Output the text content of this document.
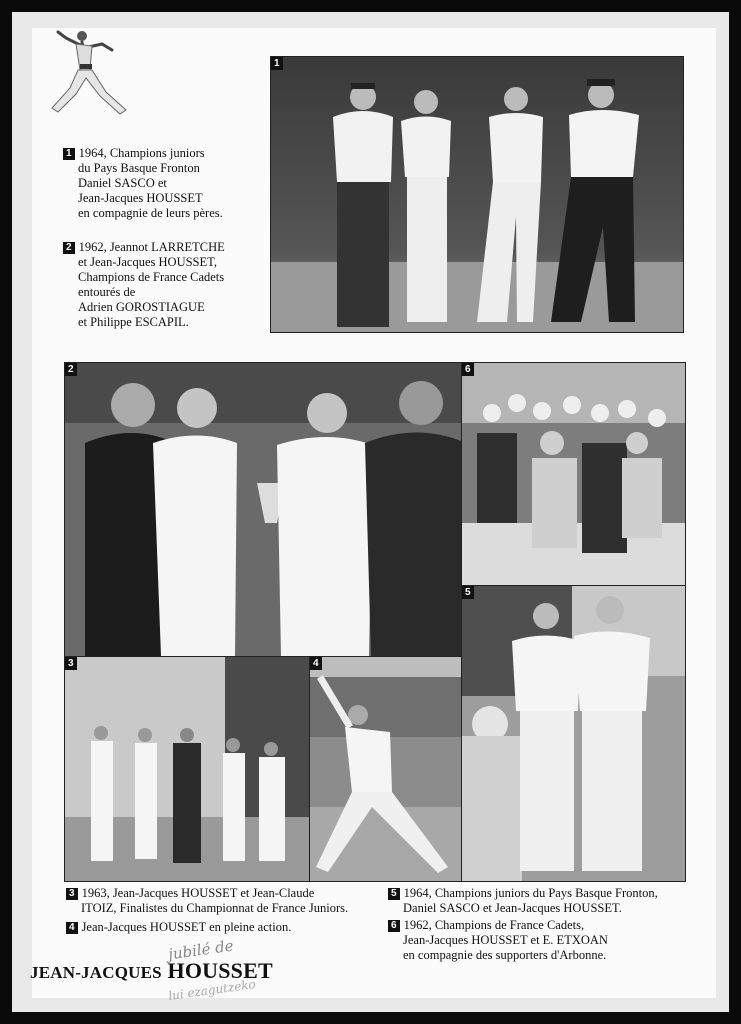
1 1964, Champions juniors
du Pays Basque Fronton
Daniel SASCO et
Jean-Jacques HOUSSET
en compagnie de leurs pères.
2 1962, Jeannot LARRETCHE
et Jean-Jacques HOUSSET,
Champions de France Cadets
entourés de
Adrien GOROSTIAGUE
et Philippe ESCAPIL.
1
2	6
3	4
5
3 1963, Jean-Jacques HOUSSET et Jean-Claude
ITOIZ, Finalistes du Championnat de France Juniors.
4 Jean-Jacques HOUSSET en pleine action.
5 1964, Champions juniors du Pays Basque Fronton,
Daniel SASCO et Jean-Jacques HOUSSET.
6 1962, Champions de France Cadets,
Jean-Jacques HOUSSET et E. ETXOAN
en compagnie des supporters d'Arbonne.
jubilé de
lui ezagutzeko
JEAN-JACQUES HOUSSET
